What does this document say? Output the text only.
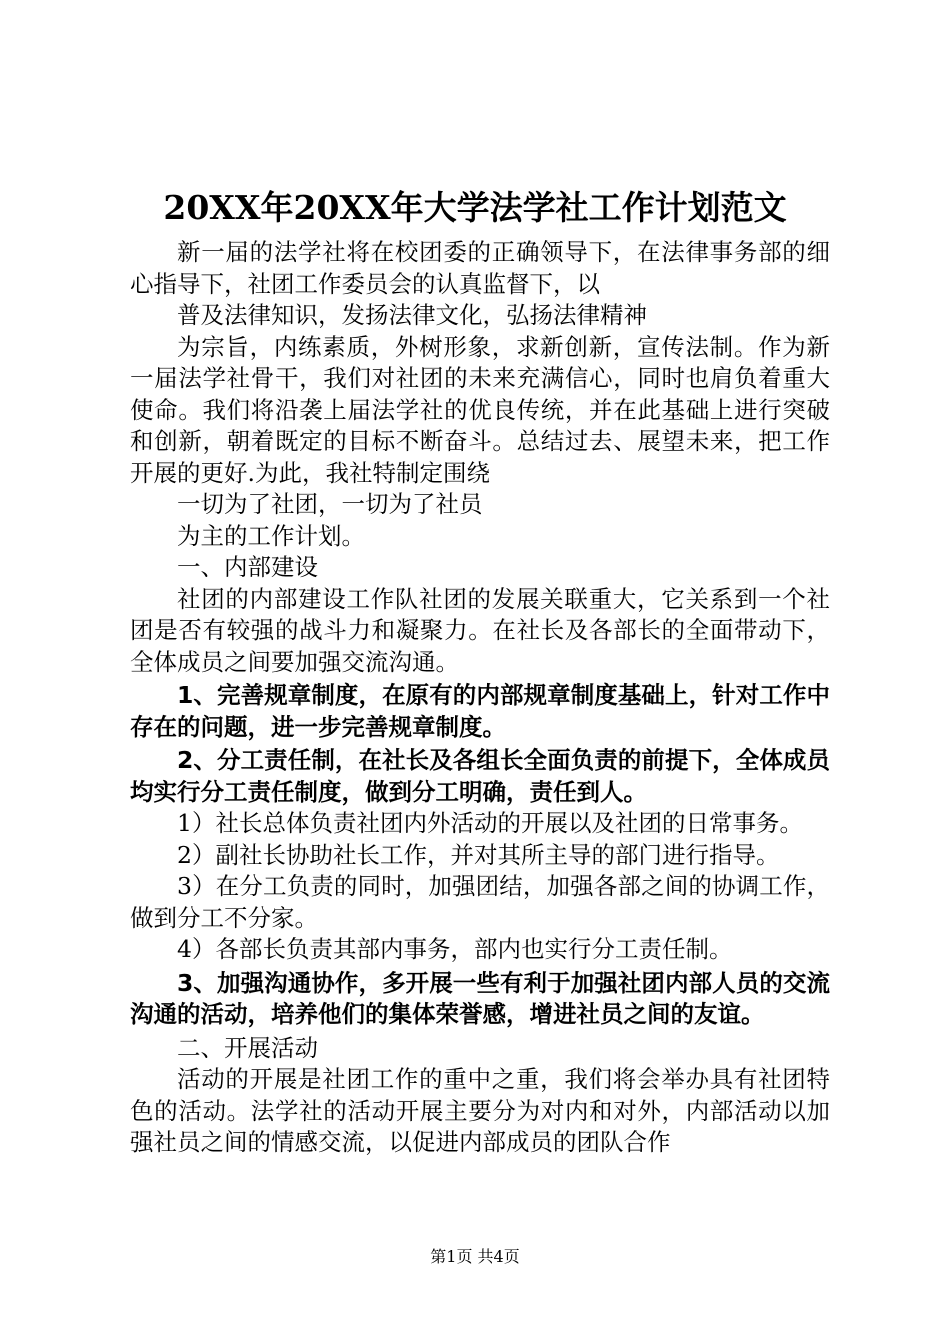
20XX年20XX年大学法学社工作计划范文

新一届的法学社将在校团委的正确领导下，在法律事务部的细心指导下，社团工作委员会的认真监督下，以

普及法律知识，发扬法律文化，弘扬法律精神

为宗旨，内练素质，外树形象，求新创新，宣传法制。作为新一届法学社骨干，我们对社团的未来充满信心，同时也肩负着重大使命。我们将沿袭上届法学社的优良传统，并在此基础上进行突破和创新，朝着既定的目标不断奋斗。总结过去、展望未来，把工作开展的更好.为此，我社特制定围绕

一切为了社团，一切为了社员

为主的工作计划。

一、内部建设

社团的内部建设工作队社团的发展关联重大，它关系到一个社团是否有较强的战斗力和凝聚力。在社长及各部长的全面带动下，全体成员之间要加强交流沟通。

1、完善规章制度，在原有的内部规章制度基础上，针对工作中存在的问题，进一步完善规章制度。

2、分工责任制，在社长及各组长全面负责的前提下，全体成员均实行分工责任制度，做到分工明确，责任到人。

1）社长总体负责社团内外活动的开展以及社团的日常事务。

2）副社长协助社长工作，并对其所主导的部门进行指导。

3）在分工负责的同时，加强团结，加强各部之间的协调工作，做到分工不分家。

4）各部长负责其部内事务，部内也实行分工责任制。

3、加强沟通协作，多开展一些有利于加强社团内部人员的交流沟通的活动，培养他们的集体荣誉感，增进社员之间的友谊。

二、开展活动

活动的开展是社团工作的重中之重，我们将会举办具有社团特色的活动。法学社的活动开展主要分为对内和对外，内部活动以加强社员之间的情感交流，以促进内部成员的团队合作

第1页 共4页
